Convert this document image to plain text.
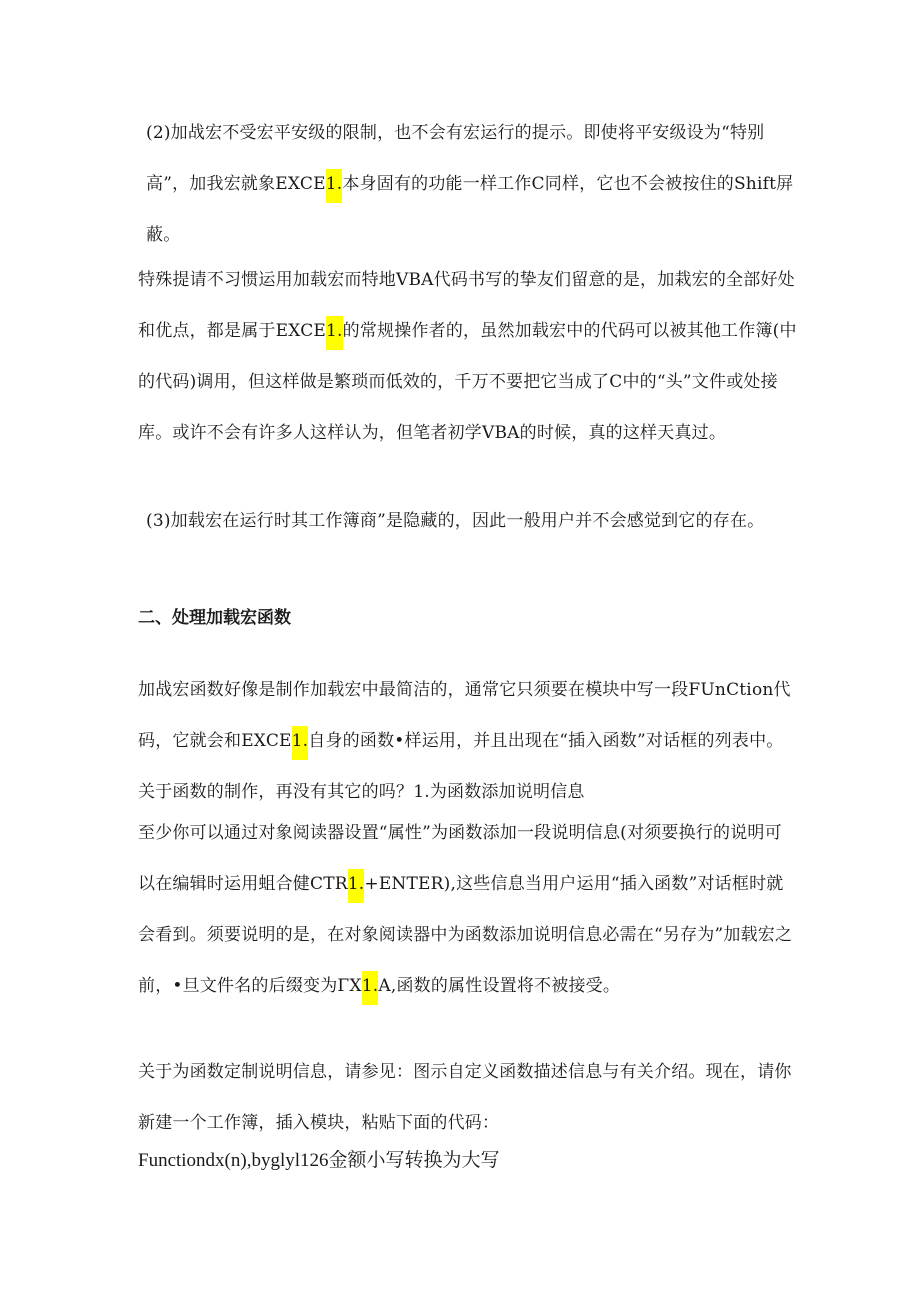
(2)加战宏不受宏平安级的限制，也不会有宏运行的提示。即使将平安级设为“特别高”，加我宏就象EXCE1.本身固有的功能一样工作C同样，它也不会被按住的Shift屏蔽。

特殊提请不习惯运用加载宏而特地VBA代码书写的挚友们留意的是，加栽宏的全部好处和优点，都是属于EXCE1.的常规操作者的，虽然加载宏中的代码可以被其他工作簿(中的代码)调用，但这样做是繁琐而低效的，千万不要把它当成了C中的“头”文件或处接库。或许不会有许多人这样认为，但笔者初学VBA的时候，真的这样天真过。

(3)加载宏在运行时其工作簿商”是隐藏的，因此一般用户并不会感觉到它的存在。

二、处理加载宏函数

加战宏函数好像是制作加载宏中最简洁的，通常它只须要在模块中写一段FUnCtion代码，它就会和EXCE1.自身的函数•样运用，并且出现在“插入函数”对话框的列表中。关于函数的制作，再没有其它的吗？1.为函数添加说明信息

至少你可以通过对象阅读器设置“属性”为函数添加一段说明信息(对须要换行的说明可以在编辑时运用蛆合健CTR1.+ENTER),这些信息当用户运用“插入函数”对话框时就会看到。须要说明的是，在对象阅读器中为函数添加说明信息必需在“另存为”加载宏之前，•旦文件名的后缀变为ΓX1.A,函数的属性设置将不被接受。

关于为函数定制说明信息，请参见：图示自定义函数描述信息与有关介绍。现在，请你新建一个工作簿，插入模块，粘贴下面的代码：

Functiondx(n),byglyl126金额小写转换为大写
